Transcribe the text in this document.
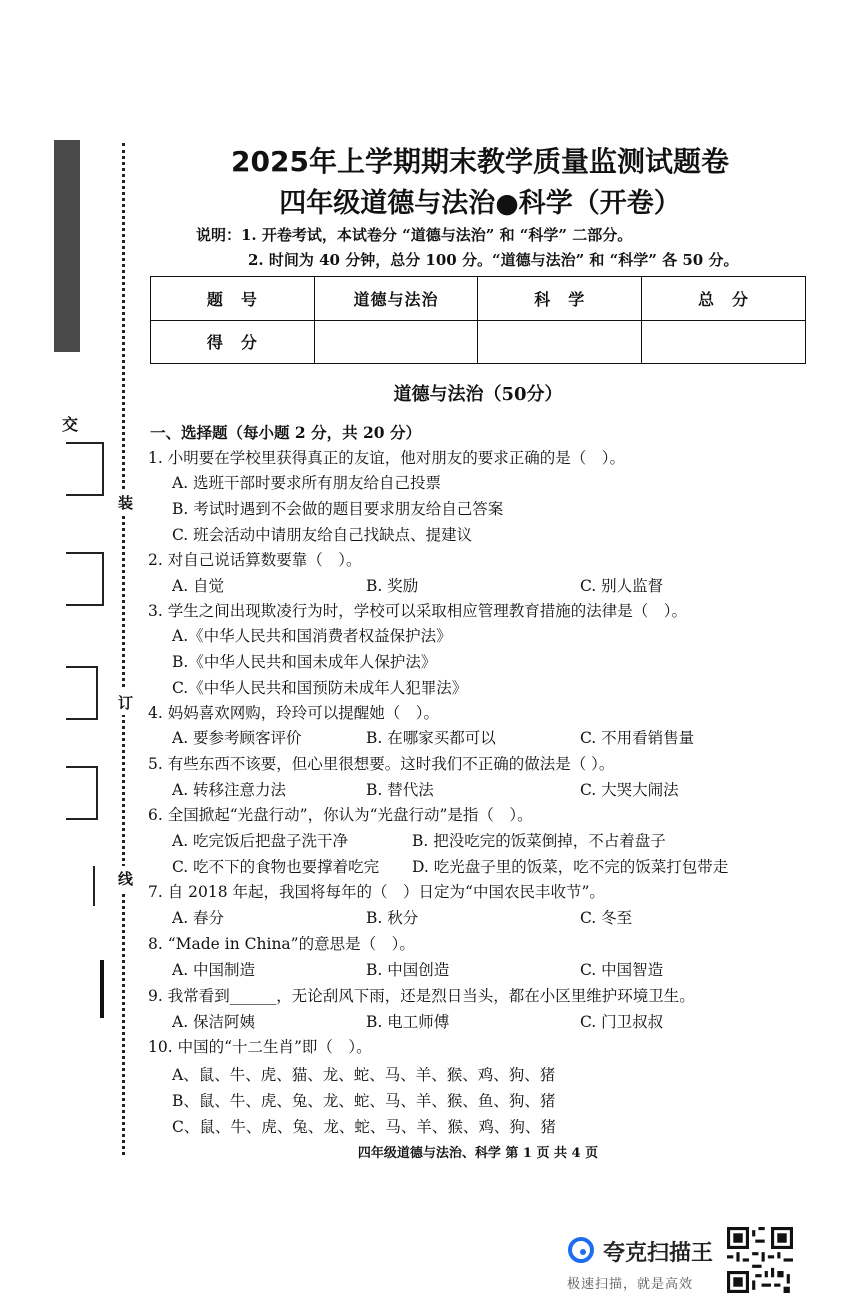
交
装
订
线
2025年上学期期末教学质量监测试题卷
四年级道德与法治●科学（开卷）
说明：1. 开卷考试，本试卷分 “道德与法治” 和 “科学” 二部分。
2. 时间为 40 分钟，总分 100 分。“道德与法治” 和 “科学” 各 50 分。
题　号	道德与法治	科　学	总　分
得　分			
道德与法治（50分）
一、选择题（每小题 2 分，共 20 分）
1. 小明要在学校里获得真正的友谊，他对朋友的要求正确的是（　）。
A. 选班干部时要求所有朋友给自己投票
B. 考试时遇到不会做的题目要求朋友给自己答案
C. 班会活动中请朋友给自己找缺点、提建议
2. 对自己说话算数要靠（　）。
A. 自觉	B. 奖励	C. 别人监督
3. 学生之间出现欺凌行为时，学校可以采取相应管理教育措施的法律是（　）。
A.《中华人民共和国消费者权益保护法》
B.《中华人民共和国未成年人保护法》
C.《中华人民共和国预防未成年人犯罪法》
4. 妈妈喜欢网购，玲玲可以提醒她（　）。
A. 要参考顾客评价	B. 在哪家买都可以	C. 不用看销售量
5. 有些东西不该要，但心里很想要。这时我们不正确的做法是（ ）。
A. 转移注意力法	B. 替代法	C. 大哭大闹法
6. 全国掀起“光盘行动”，你认为“光盘行动”是指（　）。
A. 吃完饭后把盘子洗干净	B. 把没吃完的饭菜倒掉，不占着盘子
C. 吃不下的食物也要撑着吃完 D. 吃光盘子里的饭菜，吃不完的饭菜打包带走
7. 自 2018 年起，我国将每年的（　）日定为“中国农民丰收节”。
A. 春分	B. 秋分	C. 冬至
8. “Made in China”的意思是（　）。
A. 中国制造	B. 中国创造	C. 中国智造
9. 我常看到______，无论刮风下雨，还是烈日当头，都在小区里维护环境卫生。
A. 保洁阿姨	B. 电工师傅	C. 门卫叔叔
10. 中国的“十二生肖”即（　）。
A、鼠、牛、虎、猫、龙、蛇、马、羊、猴、鸡、狗、猪
B、鼠、牛、虎、兔、龙、蛇、马、羊、猴、鱼、狗、猪
C、鼠、牛、虎、兔、龙、蛇、马、羊、猴、鸡、狗、猪
四年级道德与法治、科学 第 1 页 共 4 页
夸克扫描王
极速扫描，就是高效
